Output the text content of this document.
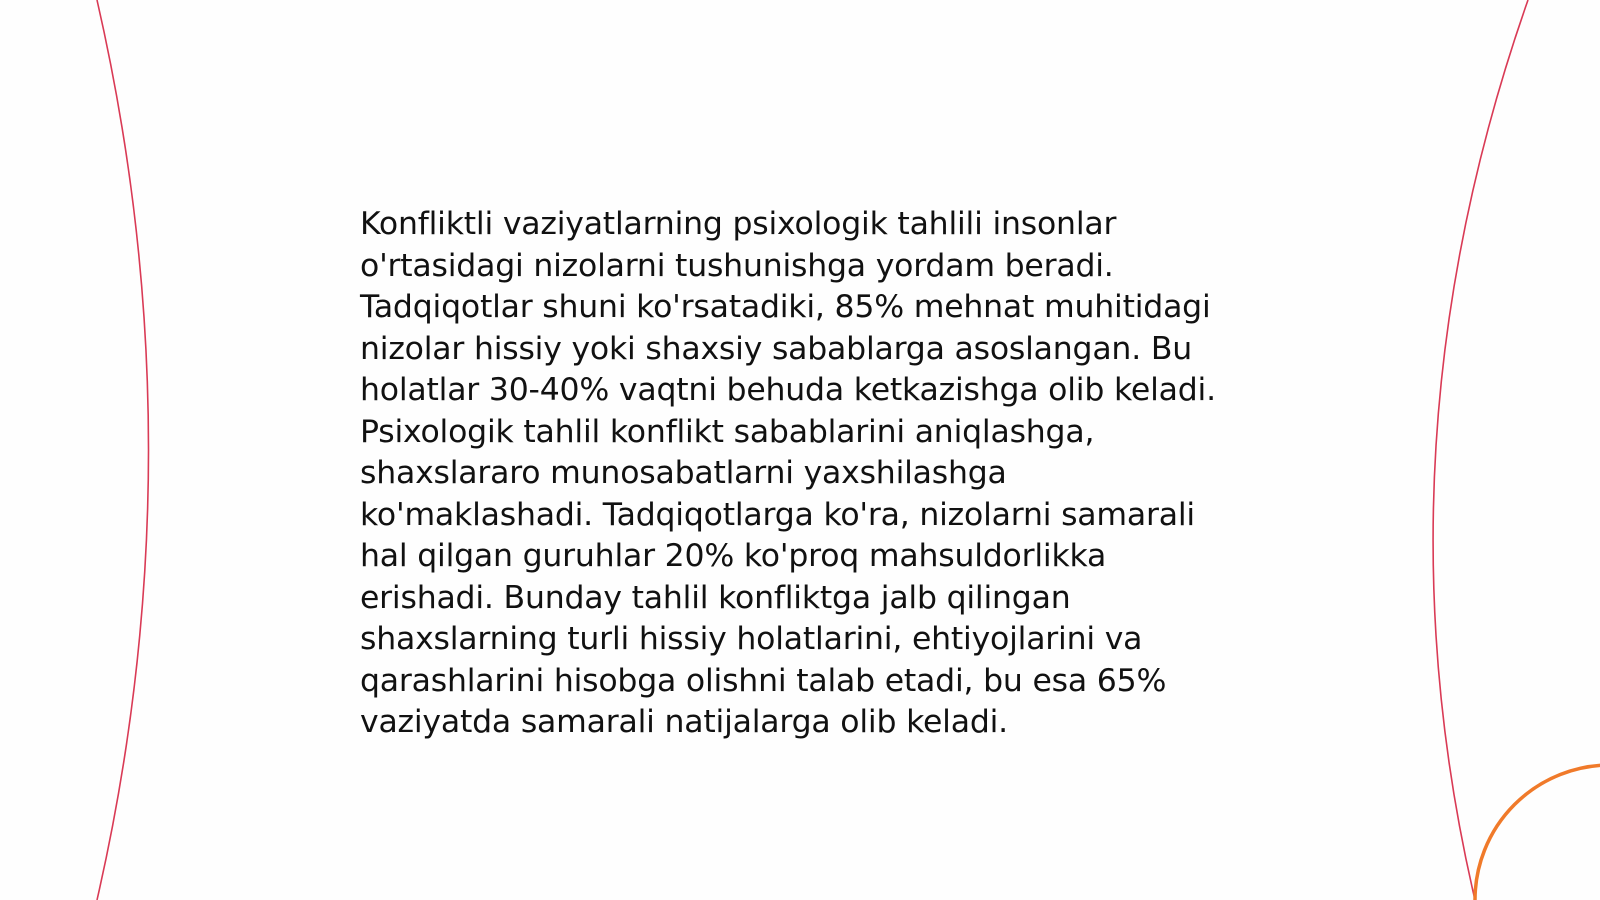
Konfliktli vaziyatlarning psixologik tahlili insonlar o'rtasidagi nizolarni tushunishga yordam beradi. Tadqiqotlar shuni ko'rsatadiki, 85% mehnat muhitidagi nizolar hissiy yoki shaxsiy sabablarga asoslangan. Bu holatlar 30-40% vaqtni behuda ketkazishga olib keladi. Psixologik tahlil konflikt sabablarini aniqlashga, shaxslararo munosabatlarni yaxshilashga ko'maklashadi. Tadqiqotlarga ko'ra, nizolarni samarali hal qilgan guruhlar 20% ko'proq mahsuldorlikka erishadi. Bunday tahlil konfliktga jalb qilingan shaxslarning turli hissiy holatlarini, ehtiyojlarini va qarashlarini hisobga olishni talab etadi, bu esa 65% vaziyatda samarali natijalarga olib keladi.
